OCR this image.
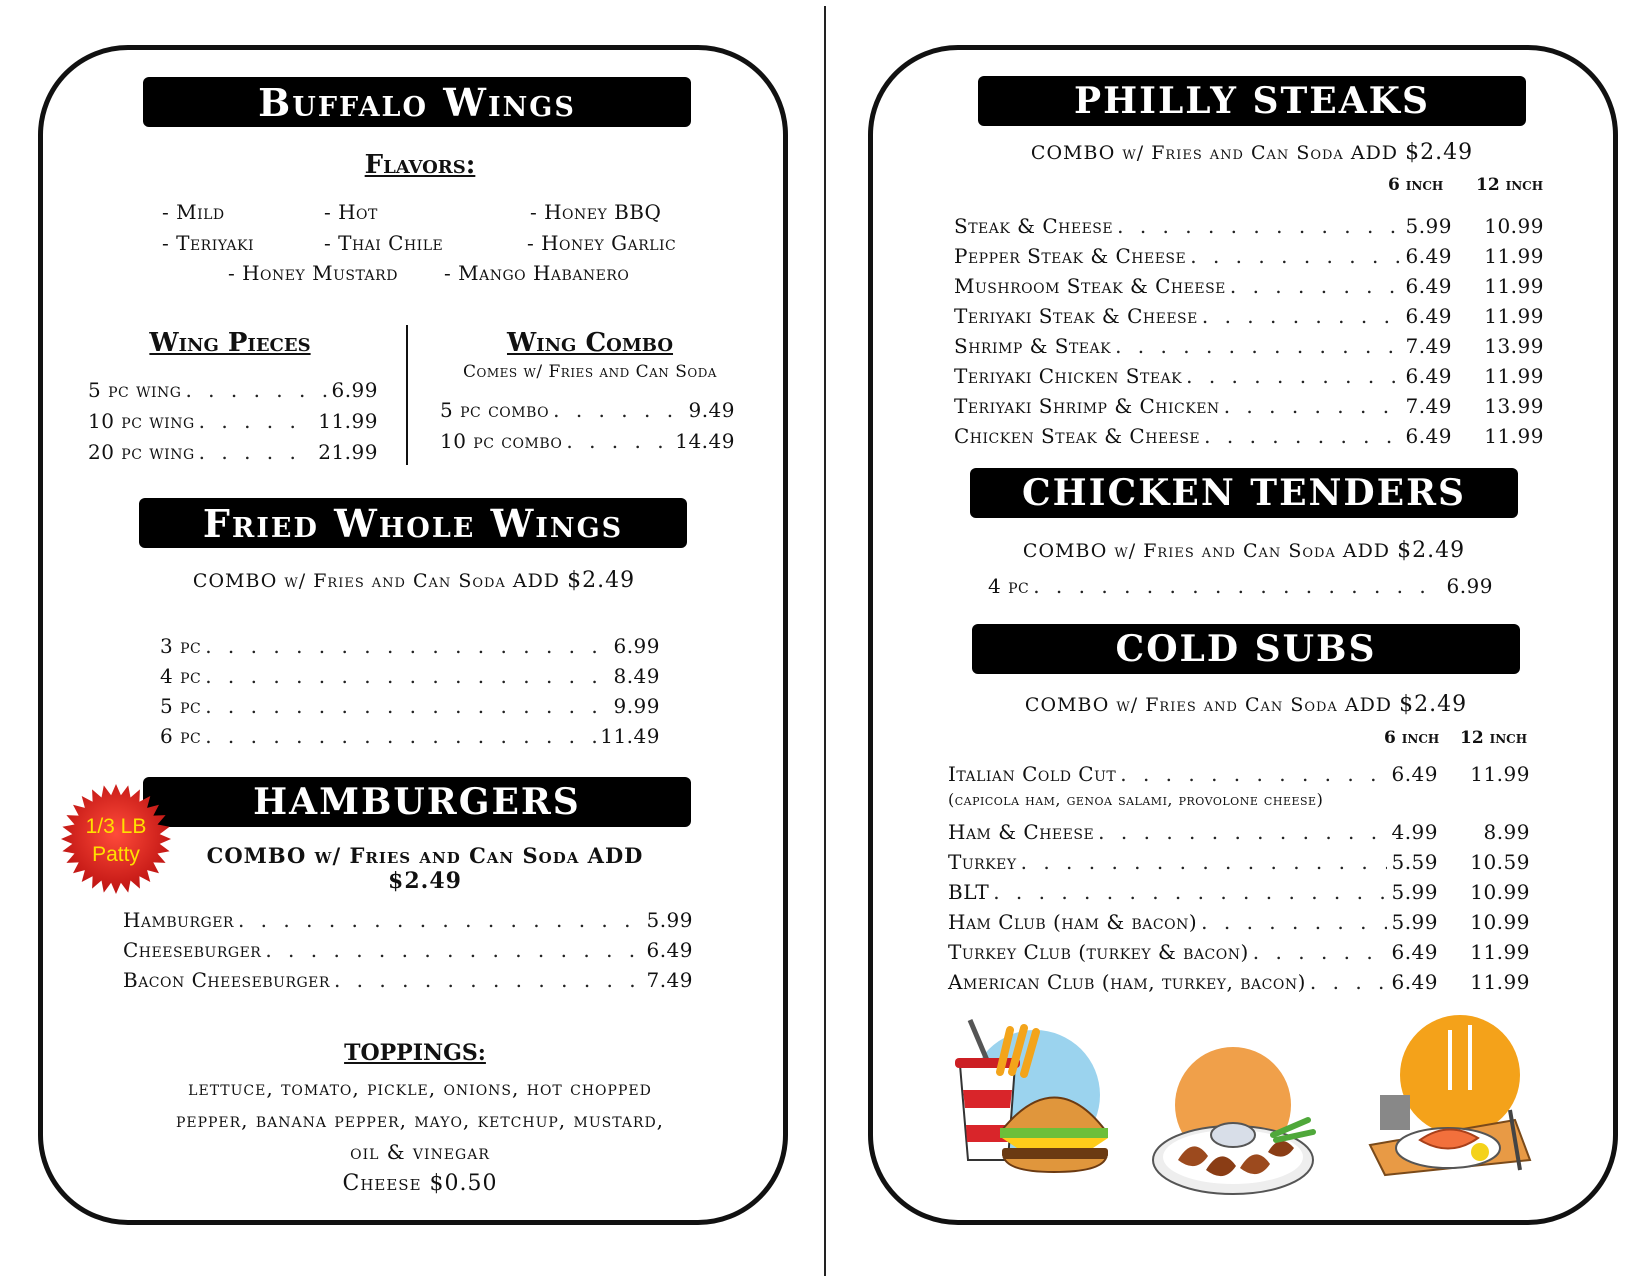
Buffalo Wings
Flavors:
- Mild	- Hot	- Honey BBQ
- Teriyaki	- Thai Chile	- Honey Garlic
- Honey Mustard - Mango Habanero
Wing Pieces
5 pc wing . . .	6.99
10 pc wing . . .	11.99
20 pc wing . . .	21.99
Wing Combo
Comes w/ Fries and Can Soda
5 pc combo . . .	9.49
10 pc combo . . .	14.49
Fried Whole Wings
COMBO w/ Fries and Can Soda ADD $2.49
3 pc . . .	6.99
4 pc . . .	8.49
5 pc . . .	9.99
6 pc . . .	11.49
HAMBURGERS
1/3 LB
Patty	COMBO w/ Fries and Can Soda ADD $2.49
Hamburger . . .	5.99
Cheeseburger . . .	6.49
Bacon Cheeseburger . . .	7.49
TOPPINGS:
lettuce, tomato, pickle, onions, hot chopped
pepper, banana pepper, mayo, ketchup, mustard,
oil & vinegar
Cheese $0.50
PHILLY STEAKS
COMBO w/ Fries and Can Soda ADD $2.49
6 inch 12 inch
Steak & Cheese . . .	5.99	10.99
Pepper Steak & Cheese . . .	6.49	11.99
Mushroom Steak & Cheese . . .	6.49	11.99
Teriyaki Steak & Cheese . . .	6.49	11.99
Shrimp & Steak . . .	7.49	13.99
Teriyaki Chicken Steak . . .	6.49	11.99
Teriyaki Shrimp & Chicken . . .	7.49	13.99
Chicken Steak & Cheese . . .	6.49	11.99
CHICKEN TENDERS
COMBO w/ Fries and Can Soda ADD $2.49
4 pc . . .	6.99
COLD SUBS
COMBO w/ Fries and Can Soda ADD $2.49
6 inch 12 inch
Italian Cold Cut . . .	6.49	11.99
(capicola ham, genoa salami, provolone cheese)
Ham & Cheese . . .	4.99	8.99
Turkey . . .	5.59	10.59
BLT . . .	5.99	10.99
Ham Club (ham & bacon) . . .	5.99	10.99
Turkey Club (turkey & bacon) . . .	6.49	11.99
American Club (ham, turkey, bacon) . . .	6.49	11.99
